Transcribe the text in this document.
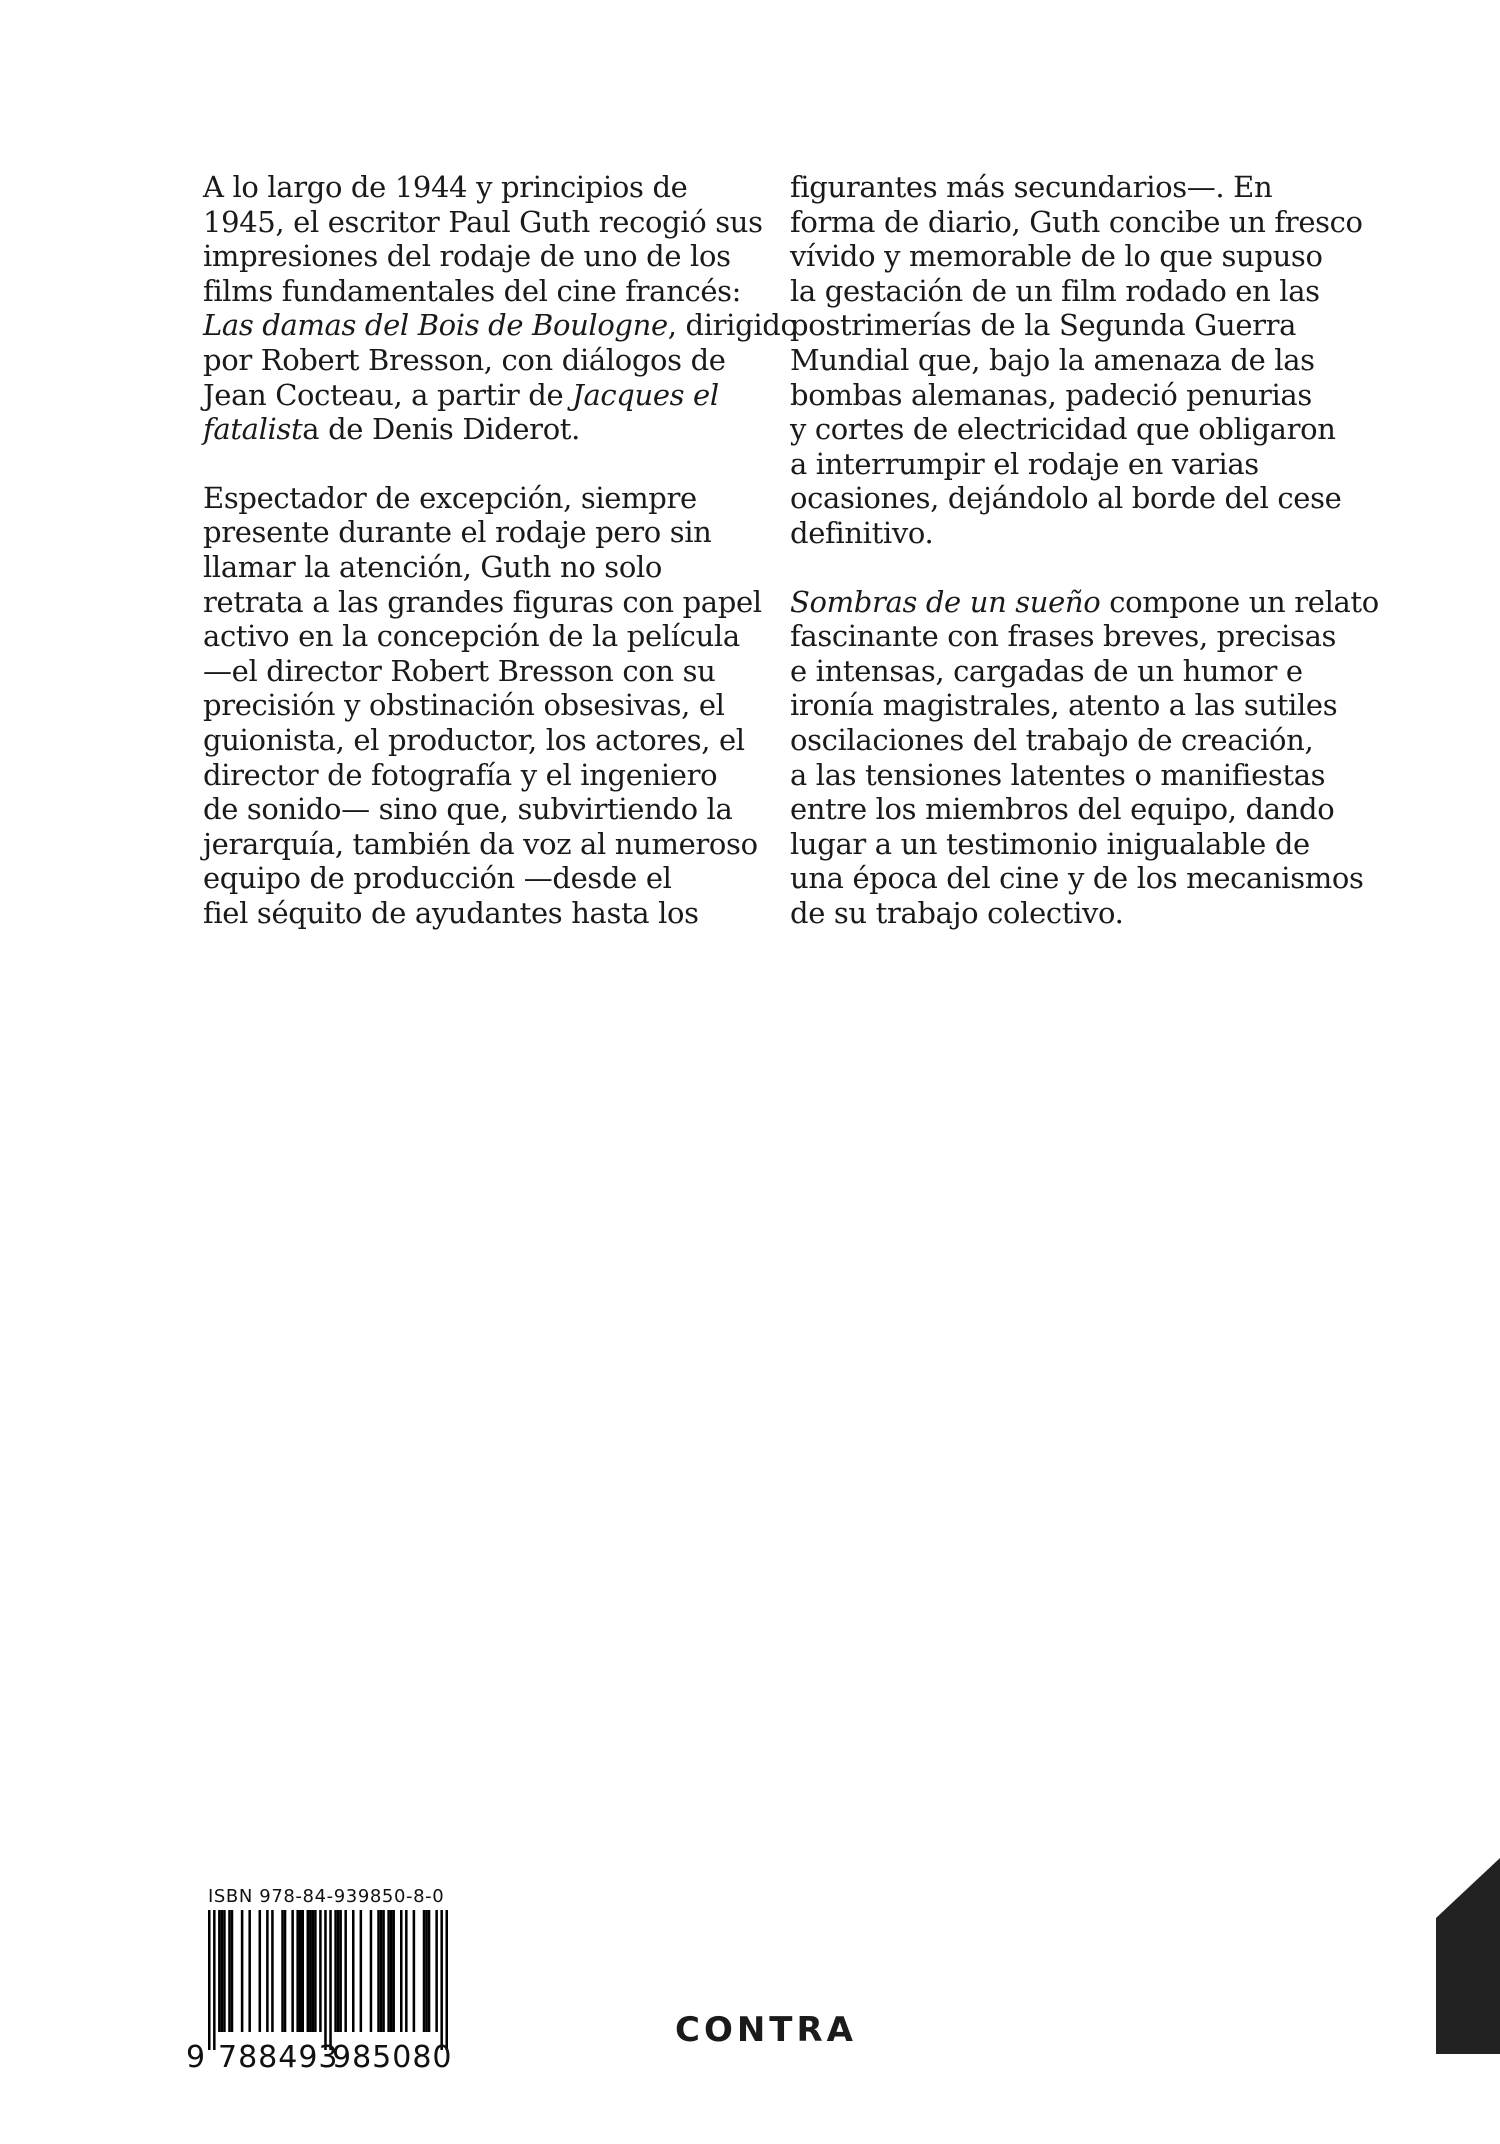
A lo largo de 1944 y principios de
1945, el escritor Paul Guth recogió sus
impresiones del rodaje de uno de los
films fundamentales del cine francés:
Las damas del Bois de Boulogne, dirigido
por Robert Bresson, con diálogos de
Jean Cocteau, a partir de Jacques el
fatalista de Denis Diderot.

Espectador de excepción, siempre
presente durante el rodaje pero sin
llamar la atención, Guth no solo
retrata a las grandes figuras con papel
activo en la concepción de la película
—el director Robert Bresson con su
precisión y obstinación obsesivas, el
guionista, el productor, los actores, el
director de fotografía y el ingeniero
de sonido— sino que, subvirtiendo la
jerarquía, también da voz al numeroso
equipo de producción —desde el
fiel séquito de ayudantes hasta los

figurantes más secundarios—. En
forma de diario, Guth concibe un fresco
vívido y memorable de lo que supuso
la gestación de un film rodado en las
postrimerías de la Segunda Guerra
Mundial que, bajo la amenaza de las
bombas alemanas, padeció penurias
y cortes de electricidad que obligaron
a interrumpir el rodaje en varias
ocasiones, dejándolo al borde del cese
definitivo.

Sombras de un sueño compone un relato
fascinante con frases breves, precisas
e intensas, cargadas de un humor e
ironía magistrales, atento a las sutiles
oscilaciones del trabajo de creación,
a las tensiones latentes o manifiestas
entre los miembros del equipo, dando
lugar a un testimonio inigualable de
una época del cine y de los mecanismos
de su trabajo colectivo.

ISBN 978-84-939850-8-0
9 788493
985080
CONTRA
